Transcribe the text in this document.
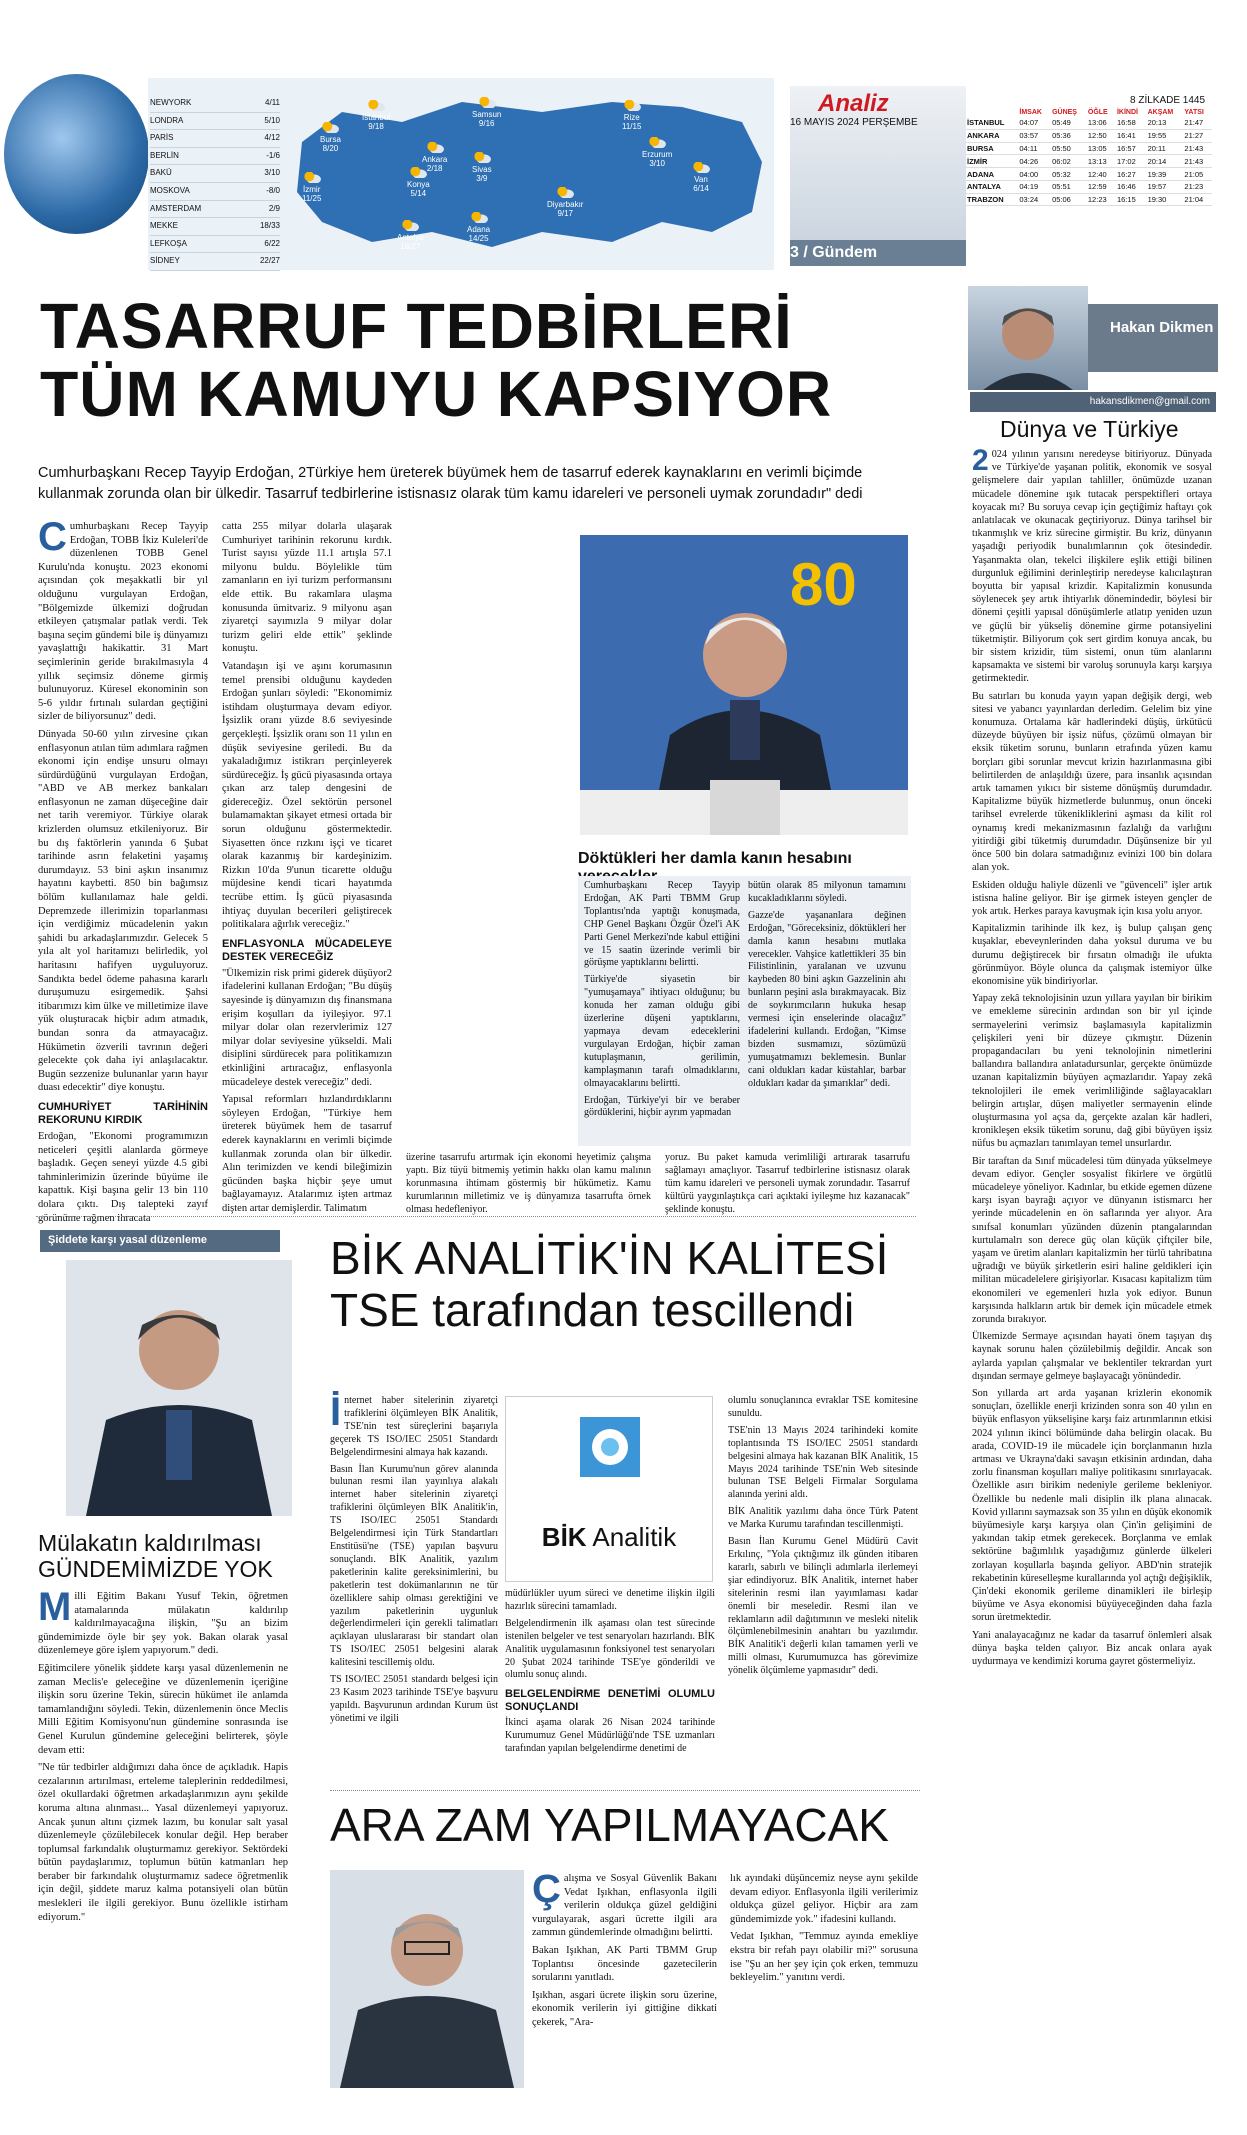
NEWYORK	4/11
LONDRA	5/10
PARİS	4/12
BERLİN	-1/6
BAKÜ	3/10
MOSKOVA	-8/0
AMSTERDAM	2/9
MEKKE	18/33
LEFKOŞA	6/22
SİDNEY	22/27
İstanbul
9/18
Bursa
8/20
İzmir
11/25
Ankara
2/18
Konya
5/14
Antalya
18/27
Samsun
9/16
Sivas
3/9
Adana
14/25
Diyarbakır
9/17
Rize
11/15
Erzurum
3/10
Van
6/14
Analiz
16 MAYIS 2024 PERŞEMBE
3 / Gündem
8 ZİLKADE 1445
	İMSAK	GÜNEŞ	ÖĞLE	İKİNDİ	AKŞAM	YATSI
İSTANBUL	04:07	05:49	13:06	16:58	20:13	21:47
ANKARA	03:57	05:36	12:50	16:41	19:55	21:27
BURSA	04:11	05:50	13:05	16:57	20:11	21:43
İZMİR	04:26	06:02	13:13	17:02	20:14	21:43
ADANA	04:00	05:32	12:40	16:27	19:39	21:05
ANTALYA	04:19	05:51	12:59	16:46	19:57	21:23
TRABZON	03:24	05:06	12:23	16:15	19:30	21:04
TASARRUF TEDBİRLERİ TÜM KAMUYU KAPSIYOR
Cumhurbaşkanı Recep Tayyip Erdoğan, 2Türkiye hem üreterek büyümek hem de tasarruf ederek kaynaklarını en verimli biçimde kullanmak zorunda olan bir ülkedir. Tasarruf tedbirlerine istisnasız olarak tüm kamu idareleri ve personeli uymak zorundadır" dedi

Cumhurbaşkanı Recep Tayyip Erdoğan, TOBB İkiz Kuleleri'de düzenlenen TOBB Genel Kurulu'nda konuştu. 2023 ekonomi açısından çok meşakkatli bir yıl olduğunu vurgulayan Erdoğan, "Bölgemizde ülkemizi doğrudan etkileyen çatışmalar patlak verdi. Tek başına seçim gündemi bile iş dünyamızı yavaşlattığı hakikattir. 31 Mart seçimlerinin geride bırakılmasıyla 4 yıllık seçimsiz döneme girmiş bulunuyoruz. Küresel ekonominin son 5-6 yıldır fırtınalı sulardan geçtiğini sizler de biliyorsunuz" dedi.

Dünyada 50-60 yılın zirvesine çıkan enflasyonun atılan tüm adımlara rağmen ekonomi için endişe unsuru olmayı sürdürdüğünü vurgulayan Erdoğan, "ABD ve AB merkez bankaları enflasyonun ne zaman düşeceğine dair net tarih veremiyor. Türkiye olarak krizlerden olumsuz etkileniyoruz. Bir bu dış faktörlerin yanında 6 Şubat tarihinde asrın felaketini yaşamış durumdayız. 53 bini aşkın insanımız hayatını kaybetti. 850 bin bağımsız bölüm kullanılamaz hale geldi. Depremzede illerimizin toparlanması için verdiğimiz mücadelenin yakın şahidi bu arkadaşlarımızdır. Gelecek 5 yıla alt yol haritamızı belirledik, yol haritasını hafifyen uyguluyoruz. Sandıkta bedel ödeme pahasına kararlı duruşumuzu esirgemedik. Şahsi itibarımızı kim ülke ve milletimize ilave yük oluşturacak hiçbir adım atmadık, bundan sonra da atmayacağız. Hükümetin özverili tavrının değeri gelecekte çok daha iyi anlaşılacaktır. Bugün sezzenize bulunanlar yarın hayır duası edecektir" diye konuştu.

CUMHURİYET TARİHİNİN REKORUNU KIRDIK

Erdoğan, "Ekonomi programımızın neticeleri çeşitli alanlarda görmeye başladık. Geçen seneyi yüzde 4.5 gibi tahminlerimizin üzerinde büyüme ile kapattık. Kişi başına gelir 13 bin 110 dolara çıktı. Dış talepteki zayıf görünüme rağmen ihracata

catta 255 milyar dolarla ulaşarak Cumhuriyet tarihinin rekorunu kırdık. Turist sayısı yüzde 11.1 artışla 57.1 milyonu buldu. Böylelikle tüm zamanların en iyi turizm performansını elde ettik. Bu rakamlara ulaşma konusunda ümitvariz. 9 milyonu aşan ziyaretçi sayımızla 9 milyar dolar turizm geliri elde ettik" şeklinde konuştu.

Vatandaşın işi ve aşını korumasının temel prensibi olduğunu kaydeden Erdoğan şunları söyledi: "Ekonomimiz istihdam oluşturmaya devam ediyor. İşsizlik oranı yüzde 8.6 seviyesinde gerçekleşti. İşsizlik oranı son 11 yılın en düşük seviyesine geriledi. Bu da yakaladığımız istikrarı perçinleyerek sürdüreceğiz. İş gücü piyasasında ortaya çıkan arz talep dengesini de gidereceğiz. Özel sektörün personel bulamamaktan şikayet etmesi ortada bir sorun olduğunu göstermektedir. Siyasetten önce rızkını işçi ve ticaret olarak kazanmış bir kardeşinizim. Rizkın 10'da 9'unun ticarette olduğu müjdesine kendi ticari hayatımda tecrübe ettim. İş gücü piyasasında ihtiyaç duyulan becerileri geliştirecek politikalara ağırlık vereceğiz."

ENFLASYONLA MÜCADELEYE DESTEK VERECEĞİZ

"Ülkemizin risk primi giderek düşüyor2 ifadelerini kullanan Erdoğan; "Bu düşüş sayesinde iş dünyamızın dış finansmana erişim koşulları da iyileşiyor. 97.1 milyar dolar olan rezervlerimiz 127 milyar dolar seviyesine yükseldi. Mali disiplini sürdürecek para politikamızın etkinliğini artıracağız, enflasyonla mücadeleye destek vereceğiz" dedi.

Yapısal reformları hızlandırdıklarını söyleyen Erdoğan, "Türkiye hem üreterek büyümek hem de tasarruf ederek kaynaklarını en verimli biçimde kullanmak zorunda olan bir ülkedir. Alın terimizden ve kendi bileğimizin gücünden başka hiçbir şeye umut bağlayamayız. Atalarımız işten artmaz dişten artar demişlerdir. Talimatım

80
Döktükleri her damla kanın hesabını

Cumhurbaşkanı Recep Tayyip Erdoğan, AK Parti TBMM Grup Toplantısı'nda yaptığı konuşmada, CHP Genel Başkanı Özgür Özel'i AK Parti Genel Merkezi'nde kabul ettiğini ve 15 saatin üzerinde verimli bir görüşme yaptıklarını belirtti.

Türkiye'de siyasetin bir "yumuşamaya" ihtiyacı olduğunu; bu konuda her zaman olduğu gibi üzerlerine düşeni yaptıklarını, yapmaya devam edeceklerini vurgulayan Erdoğan, hiçbir zaman kutuplaşmanın, gerilimin, kamplaşmanın tarafı olmadıklarını, olmayacaklarını belirtti.

Erdoğan, Türkiye'yi bir ve beraber gördüklerini, hiçbir ayrım yapmadan

bütün olarak 85 milyonun tamamını kucakladıklarını söyledi.

Gazze'de yaşananlara değinen Erdoğan, "Göreceksiniz, döktükleri her damla kanın hesabını mutlaka verecekler. Vahşice katlettikleri 35 bin Filistinlinin, yaralanan ve uzvunu kaybeden 80 bini aşkın Gazzelinin ahı bunların peşini asla bırakmayacak. Biz de soykırımcıların hukuka hesap vermesi için enselerinde olacağız" ifadelerini kullandı. Erdoğan, "Kimse bizden susmamızı, sözümüzü yumuşatmamızı beklemesin. Bunlar cani oldukları kadar küstahlar, barbar oldukları kadar da şımarıklar" dedi.

üzerine tasarrufu artırmak için ekonomi heyetimiz çalışma yaptı. Biz tüyü bitmemiş yetimin hakkı olan kamu malının korunmasına ihtimam göstermiş bir hükümetiz. Kamu kurumlarının milletimiz ve iş dünyamıza tasarrufta örnek olması hedefleniyor.

yoruz. Bu paket kamuda verimliliği artırarak tasarrufu sağlamayı amaçlıyor. Tasarruf tedbirlerine istisnasız olarak tüm kamu idareleri ve personeli uymak zorundadır. Tasarruf kültürü yaygınlaştıkça cari açıktaki iyileşme hız kazanacak" şeklinde konuştu.

Hakan Dikmen
hakansdikmen@gmail.com
Dünya ve Türkiye

2 024 yılının yarısını neredeyse bitiriyoruz. Dünyada ve Türkiye'de yaşanan politik, ekonomik ve sosyal gelişmelere dair yapılan tahliller, önümüzde uzanan mücadele dönemine ışık tutacak perspektifleri ortaya koyacak mı? Bu soruya cevap için geçtiğimiz haftayı çok anlatılacak ve okunacak geçtiriyoruz. Dünya tarihsel bir tıkanmışlık ve kriz sürecine girmiştir. Bu kriz, dünyanın yaşadığı periyodik bunalımlarının çok ötesindedir. Yaşanmakta olan, tekelci ilişkilere eşlik ettiği bilinen durgunluk eğilimini derinleştirip neredeyse kalıcılaştıran boyutta bir yapısal krizdir. Kapitalizmin konusunda söylenecek şey artık ihtiyarlık dönemindedir, böylesi bir dönemi çeşitli yapısal dönüşümlerle atlatıp yeniden uzun ve güçlü bir yükseliş dönemine girme potansiyelini tüketmiştir. Biliyorum çok sert girdim konuya ancak, bu bir sistem krizidir, tüm sistemi, onun tüm alanlarını kapsamakta ve sistemi bir varoluş sorunuyla karşı karşıya getirmektedir.

Bu satırları bu konuda yayın yapan değişik dergi, web sitesi ve yabancı yayınlardan derledim. Gelelim biz yine konumuza. Ortalama kâr hadlerindeki düşüş, ürkütücü düzeyde büyüyen bir işsiz nüfus, çözümü olmayan bir eksik tüketim sorunu, bunların etrafında yüzen kamu borçları gibi sorunlar mevcut krizin hazırlanmasına gibi belirtilerden de anlaşıldığı üzere, para insanlık açısından artık tamamen yıkıcı bir sisteme dönüşmüş durumdadır. Kapitalizme büyük hizmetlerde bulunmuş, onun önceki tarihsel evrelerde tükenikliklerini aşması da kilit rol oynamış kredi mekanizmasının fazlalığı da varlığını yitirdiği gibi tüketmiş durumdadır. Düşünsenize bir yıl önce 500 bin dolara satmadığınız evinizi 100 bin dolara alan yok.

Eskiden olduğu haliyle düzenli ve "güvenceli" işler artık istisna haline geliyor. Bir işe girmek isteyen gençler de yok artık. Herkes paraya kavuşmak için kısa yolu arıyor.

Kapitalizmin tarihinde ilk kez, iş bulup çalışan genç kuşaklar, ebeveynlerinden daha yoksul duruma ve bu durumu değiştirecek bir fırsatın olmadığı ile ufukta görünmüyor. Böyle olunca da çalışmak istemiyor ülke ekonomisine yük bindiriyorlar.

Yapay zekâ teknolojisinin uzun yıllara yayılan bir birikim ve emekleme sürecinin ardından son bir yıl içinde sermayelerini verimsiz başlamasıyla kapitalizmin çelişkileri yeni bir düzeye çıkmıştır. Düzenin propagandacıları bu yeni teknolojinin nimetlerini ballandıra ballandıra anlatadursunlar, gerçekte önümüzde uzanan kapitalizmin büyüyen açmazlarıdır. Yapay zekâ teknolojileri ile emek verimliliğinde sağlayacakları belirgin artışlar, düşen maliyetler sermayenin elinde oluşturmasına yol açsa da, gerçekte azalan kâr hadleri, kronikleşen eksik tüketim sorunu, dağ gibi büyüyen işsiz nüfus bu açmazları tanımlayan temel unsurlardır.

Bir taraftan da Sınıf mücadelesi tüm dünyada yükselmeye devam ediyor. Gençler sosyalist fikirlere ve örgütlü mücadeleye yöneliyor. Kadınlar, bu etkide egemen düzene karşı isyan bayrağı açıyor ve dünyanın istismarcı her yerinde mücadelenin en ön saflarında yer alıyor. Ara sınıfsal konumları yüzünden düzenin ptangalarından kurtulamalrı son derece güç olan küçük çiftçiler bile, yaşam ve üretim alanları kapitalizmin her türlü tahribatına uğradığı ve büyük şirketlerin esiri haline geldikleri için militan mücadelelere girişiyorlar. Kısacası kapitalizm tüm ekonomileri ve egemenleri hızla yok ediyor. Bunun karşısında halkların artık bir demek için mücadele etmek zorunda bırakıyor.

Ülkemizde Sermaye açısından hayati önem taşıyan dış kaynak sorunu halen çözülebilmiş değildir. Ancak son aylarda yapılan çalışmalar ve beklentiler tekrardan yurt dışından sermaye gelmeye başlayacağı yönündedir.

Son yıllarda art arda yaşanan krizlerin ekonomik sonuçları, özellikle enerji krizinden sonra son 40 yılın en büyük enflasyon yükselişine karşı faiz artırımlarının etkisi 2024 yılının ikinci bölümünde daha belirgin olacak. Bu arada, COVID-19 ile mücadele için borçlanmanın hızla artması ve Ukrayna'daki savaşın etkisinin ardından, daha zorlu finansman koşulları maliye politikasını sınırlayacak. Özellikle asırı birikim nedeniyle gerileme bekleniyor. Özellikle bu nedenle mali disiplin ilk plana alınacak. Kovid yıllarını saymazsak son 35 yılın en düşük ekonomik büyümesiyle karşı karşıya olan Çin'in gelişimini de yakından takip etmek gerekecek. Borçlanma ve emlak sektörüne bağımlılık yaşadığımız günlerde ülkeleri zorlayan koşullarla başında geliyor. ABD'nin stratejik rekabetinin küreselleşme kurallarında yol açtığı değişiklik, Çin'deki ekonomik gerileme dinamikleri ile birleşip büyüme ve Asya ekonomisi büyüyeceğinden daha fazla sorun üretmektedir.

Yani analayacağınız ne kadar da tasarruf önlemleri alsak dünya başka telden çalıyor. Biz ancak onlara ayak uydurmaya ve kendimizi koruma gayret göstermeliyiz.

Şiddete karşı yasal düzenleme
Mülakatın kaldırılması GÜNDEMİMİZDE YOK

Milli Eğitim Bakanı Yusuf Tekin, öğretmen atamalarında mülakatın kaldırılıp kaldırılmayacağına ilişkin, "Şu an bizim gündemimizde öyle bir şey yok. Bakan olarak yasal düzenlemeye göre işlem yapıyorum." dedi.

Eğitimcilere yönelik şiddete karşı yasal düzenlemenin ne zaman Meclis'e geleceğine ve düzenlemenin içeriğine ilişkin soru üzerine Tekin, sürecin hükümet ile anlamda tamamlandığını söyledi. Tekin, düzenlemenin önce Meclis Milli Eğitim Komisyonu'nun gündemine sonrasında ise Genel Kurulun gündemine geleceğini belirterek, şöyle devam etti:

"Ne tür tedbirler aldığımızı daha önce de açıkladık. Hapis cezalarının artırılması, erteleme taleplerinin reddedilmesi, özel okullardaki öğretmen arkadaşlarımızın aynı şekilde koruma altına alınması... Yasal düzenlemeyi yapıyoruz. Ancak şunun altını çizmek lazım, bu konular salt yasal düzenlemeyle çözülebilecek konular değil. Hep beraber toplumsal farkındalık oluşturmamız gerekiyor. Sektördeki bütün paydaşlarımız, toplumun bütün katmanları hep beraber bir farkındalık oluşturmamız sadece öğretmenlik için değil, şiddete maruz kalma potansiyeli olan bütün meslekleri ile ilgili gerekiyor. Bunu özellikle istirham ediyorum."

BİK ANALİTİK'İN KALİTESİ
TSE tarafından tescillendi

İnternet haber sitelerinin ziyaretçi trafiklerini ölçümleyen BİK Analitik, TSE'nin test süreçlerini başarıyla geçerek TS ISO/IEC 25051 Standardı Belgelendirmesini almaya hak kazandı.

Basın İlan Kurumu'nun görev alanında bulunan resmi ilan yayınlıya alakalı internet haber sitelerinin ziyaretçi trafiklerini ölçümleyen BİK Analitik'in, TS ISO/IEC 25051 Standardı Belgelendirmesi için Türk Standartları Enstitüsü'ne (TSE) yapılan başvuru sonuçlandı. BİK Analitik, yazılım paketlerinin kalite gereksinimlerini, bu paketlerin test dokümanlarının ne tür özelliklere sahip olması gerektiğini ve yazılım paketlerinin uygunluk değerlendirmeleri için gerekli talimatları açıklayan uluslararası bir standart olan TS ISO/IEC 25051 belgesini alarak kalitesini tescillemiş oldu.

TS ISO/IEC 25051 standardı belgesi için 23 Kasım 2023 tarihinde TSE'ye başvuru yapıldı. Başvurunun ardından Kurum üst yönetimi ve ilgili

BİK Analitik

müdürlükler uyum süreci ve denetime ilişkin ilgili hazırlık sürecini tamamladı.

Belgelendirmenin ilk aşaması olan test sürecinde istenilen belgeler ve test senaryoları hazırlandı. BİK Analitik uygulamasının fonksiyonel test senaryoları 20 Şubat 2024 tarihinde TSE'ye gönderildi ve olumlu sonuç alındı.

BELGELENDİRME DENETİMİ OLUMLU SONUÇLANDI

İkinci aşama olarak 26 Nisan 2024 tarihinde Kurumumuz Genel Müdürlüğü'nde TSE uzmanları tarafından yapılan belgelendirme denetimi de

olumlu sonuçlanınca evraklar TSE komitesine sunuldu.

TSE'nin 13 Mayıs 2024 tarihindeki komite toplantısında TS ISO/IEC 25051 standardı belgesini almaya hak kazanan BİK Analitik, 15 Mayıs 2024 tarihinde TSE'nin Web sitesinde bulunan TSE Belgeli Firmalar Sorgulama alanında yerini aldı.

BİK Analitik yazılımı daha önce Türk Patent ve Marka Kurumu tarafından tescillenmişti.

Basın İlan Kurumu Genel Müdürü Cavit Erkılınç, "Yola çıktığımız ilk günden itibaren kararlı, sabırlı ve bilinçli adımlarla ilerlemeyi şiar edindiyoruz. BİK Analitik, internet haber sitelerinin resmi ilan yayımlaması kadar önemli bir meseledir. Resmi ilan ve reklamların adil dağıtımının ve mesleki nitelik ölçümlenebilmesinin anahtarı bu yazılımdır. BİK Analitik'i değerli kılan tamamen yerli ve milli olması, Kurumumuzca has görevimize yönelik ölçümleme yapmasıdır" dedi.

ARA ZAM YAPILMAYACAK

Çalışma ve Sosyal Güvenlik Bakanı Vedat Işıkhan, enflasyonla ilgili verilerin oldukça güzel geldiğini vurgulayarak, asgari ücrette ilgili ara zammın gündemlerinde olmadığını belirtti.

Bakan Işıkhan, AK Parti TBMM Grup Toplantısı öncesinde gazetecilerin sorularını yanıtladı.

Işıkhan, asgari ücrete ilişkin soru üzerine, ekonomik verilerin iyi gittiğine dikkati çekerek, "Ara-

lık ayındaki düşüncemiz neyse aynı şekilde devam ediyor. Enflasyonla ilgili verilerimiz oldukça güzel geliyor. Hiçbir ara zam gündemimizde yok." ifadesini kullandı.

Vedat Işıkhan, "Temmuz ayında emekliye ekstra bir refah payı olabilir mi?" sorusuna ise "Şu an her şey için çok erken, temmuzu bekleyelim." yanıtını verdi.
